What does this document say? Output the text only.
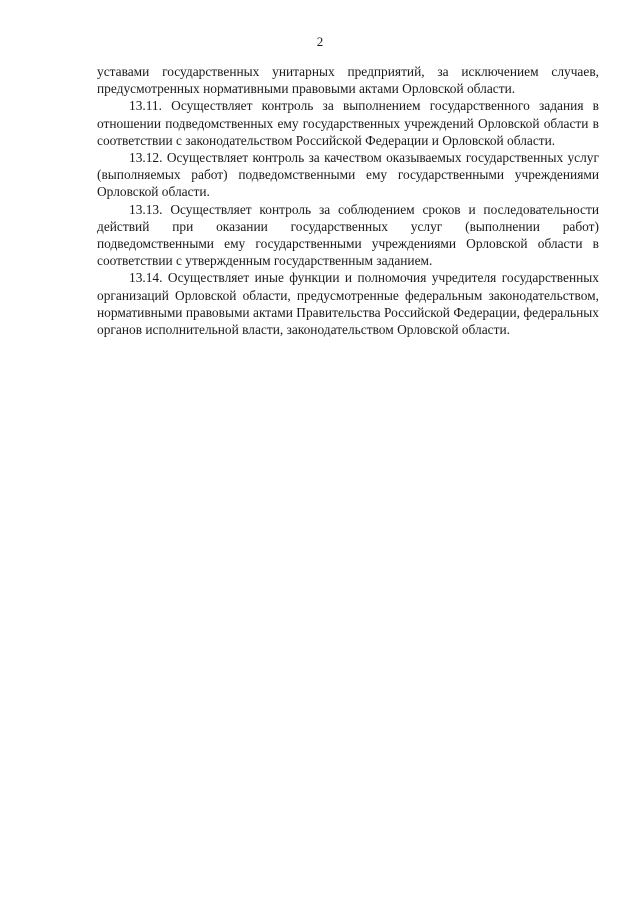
2

уставами государственных унитарных предприятий, за исключением случаев, предусмотренных нормативными правовыми актами Орловской области.

13.11. Осуществляет контроль за выполнением государственного задания в отношении подведомственных ему государственных учреждений Орловской области в соответствии с законодательством Российской Федерации и Орловской области.

13.12. Осуществляет контроль за качеством оказываемых государственных услуг (выполняемых работ) подведомственными ему государственными учреждениями Орловской области.

13.13. Осуществляет контроль за соблюдением сроков и последовательности действий при оказании государственных услуг (выполнении работ) подведомственными ему государственными учреждениями Орловской области в соответствии с утвержденным государственным заданием.

13.14. Осуществляет иные функции и полномочия учредителя государственных организаций Орловской области, предусмотренные федеральным законодательством, нормативными правовыми актами Правительства Российской Федерации, федеральных органов исполнительной власти, законодательством Орловской области.
